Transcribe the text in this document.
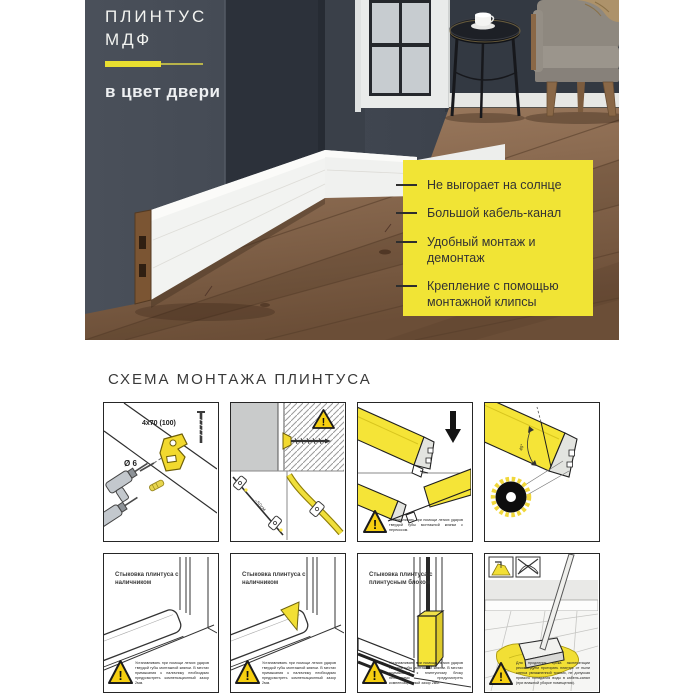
ПЛИНТУС
МДФ
в цвет двери
Не выгорает на солнце
Большой кабель-канал
Удобный монтаж и демонтаж
Крепление с помощью монтажной клипсы
СХЕМА МОНТАЖА ПЛИНТУСА
4x70 (100)
Ø 6
!
~50см
!	Устанавливать при помощи легких ударов твердой губы монтажной киянки с перекосом.
45°
!
Стыковка плинтуса с наличником
Устанавливать при помощи легких ударов твердой губы монтажной киянки. В местах примыкания к наличнику необходимо предусмотреть компенсационный зазор 2мм.
!
Стыковка плинтуса с наличником
Устанавливать при помощи легких ударов твердой губы монтажной киянки. В местах примыкания к наличнику необходимо предусмотреть компенсационный зазор 2мм.
!
Стыковка плинтуса с плинтусным блоком
Устанавливать при помощи легких ударов твердой губы монтажной киянки. В местах примыкания к плинтусному блоку необходимо предусмотреть компенсационный зазор 2мм.	!
Для продления срока эксплуатации рекомендуем протирать плинтус от пыли слегка увлажненной тканью, не допуская прямого попадания воды в кабель-канал (при влажной уборке помещения).
